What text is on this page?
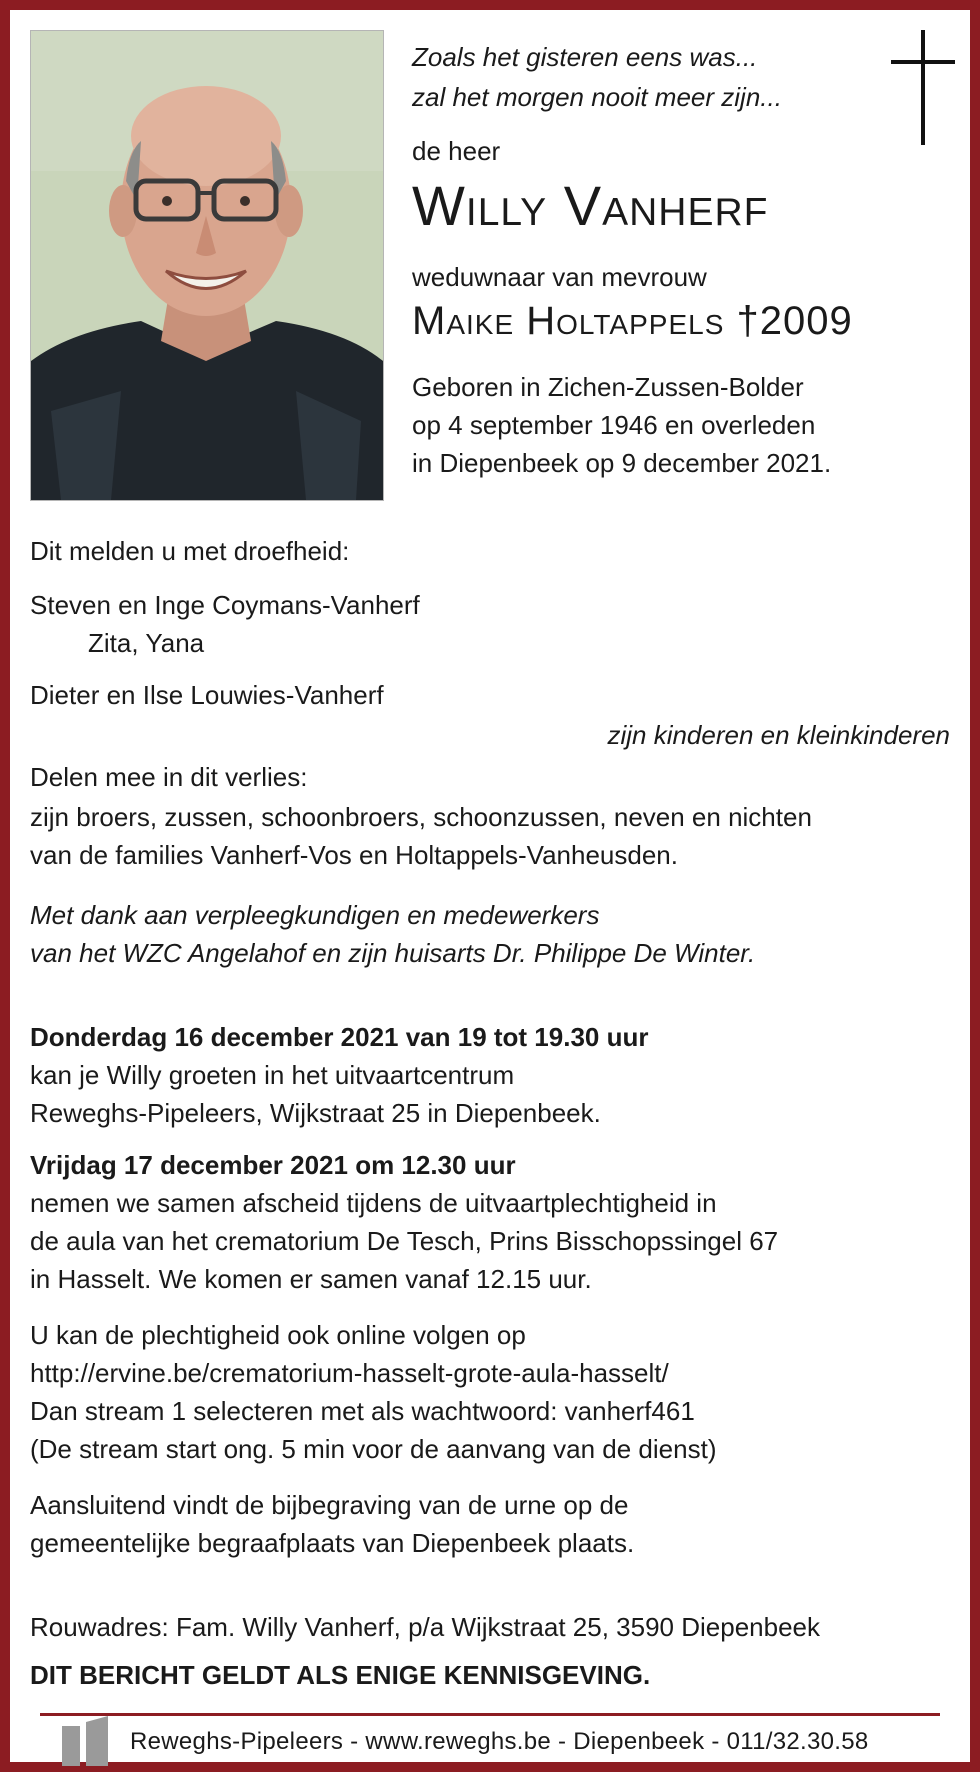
Zoals het gisteren eens was...

zal het morgen nooit meer zijn...

de heer

Willy Vanherf

weduwnaar van mevrouw

Maike Holtappels †2009

Geboren in Zichen-Zussen-Bolder

op 4 september 1946 en overleden

in Diepenbeek op 9 december 2021.

Dit melden u met droefheid:

Steven en Inge Coymans-Vanherf

Zita, Yana

Dieter en Ilse Louwies-Vanherf

zijn kinderen en kleinkinderen

Delen mee in dit verlies:

zijn broers, zussen, schoonbroers, schoonzussen, neven en nichten

van de families Vanherf-Vos en Holtappels-Vanheusden.

Met dank aan verpleegkundigen en medewerkers

van het WZC Angelahof en zijn huisarts Dr. Philippe De Winter.

Donderdag 16 december 2021 van 19 tot 19.30 uur

kan je Willy groeten in het uitvaartcentrum

Reweghs-Pipeleers, Wijkstraat 25 in Diepenbeek.

Vrijdag 17 december 2021 om 12.30 uur

nemen we samen afscheid tijdens de uitvaartplechtigheid in

de aula van het crematorium De Tesch, Prins Bisschopssingel 67

in Hasselt. We komen er samen vanaf 12.15 uur.

U kan de plechtigheid ook online volgen op

http://ervine.be/crematorium-hasselt-grote-aula-hasselt/

Dan stream 1 selecteren met als wachtwoord: vanherf461

(De stream start ong. 5 min voor de aanvang van de dienst)

Aansluitend vindt de bijbegraving van de urne op de

gemeentelijke begraafplaats van Diepenbeek plaats.

Rouwadres: Fam. Willy Vanherf, p/a Wijkstraat 25, 3590 Diepenbeek

DIT BERICHT GELDT ALS ENIGE KENNISGEVING.

Reweghs-Pipeleers - www.reweghs.be - Diepenbeek - 011/32.30.58
